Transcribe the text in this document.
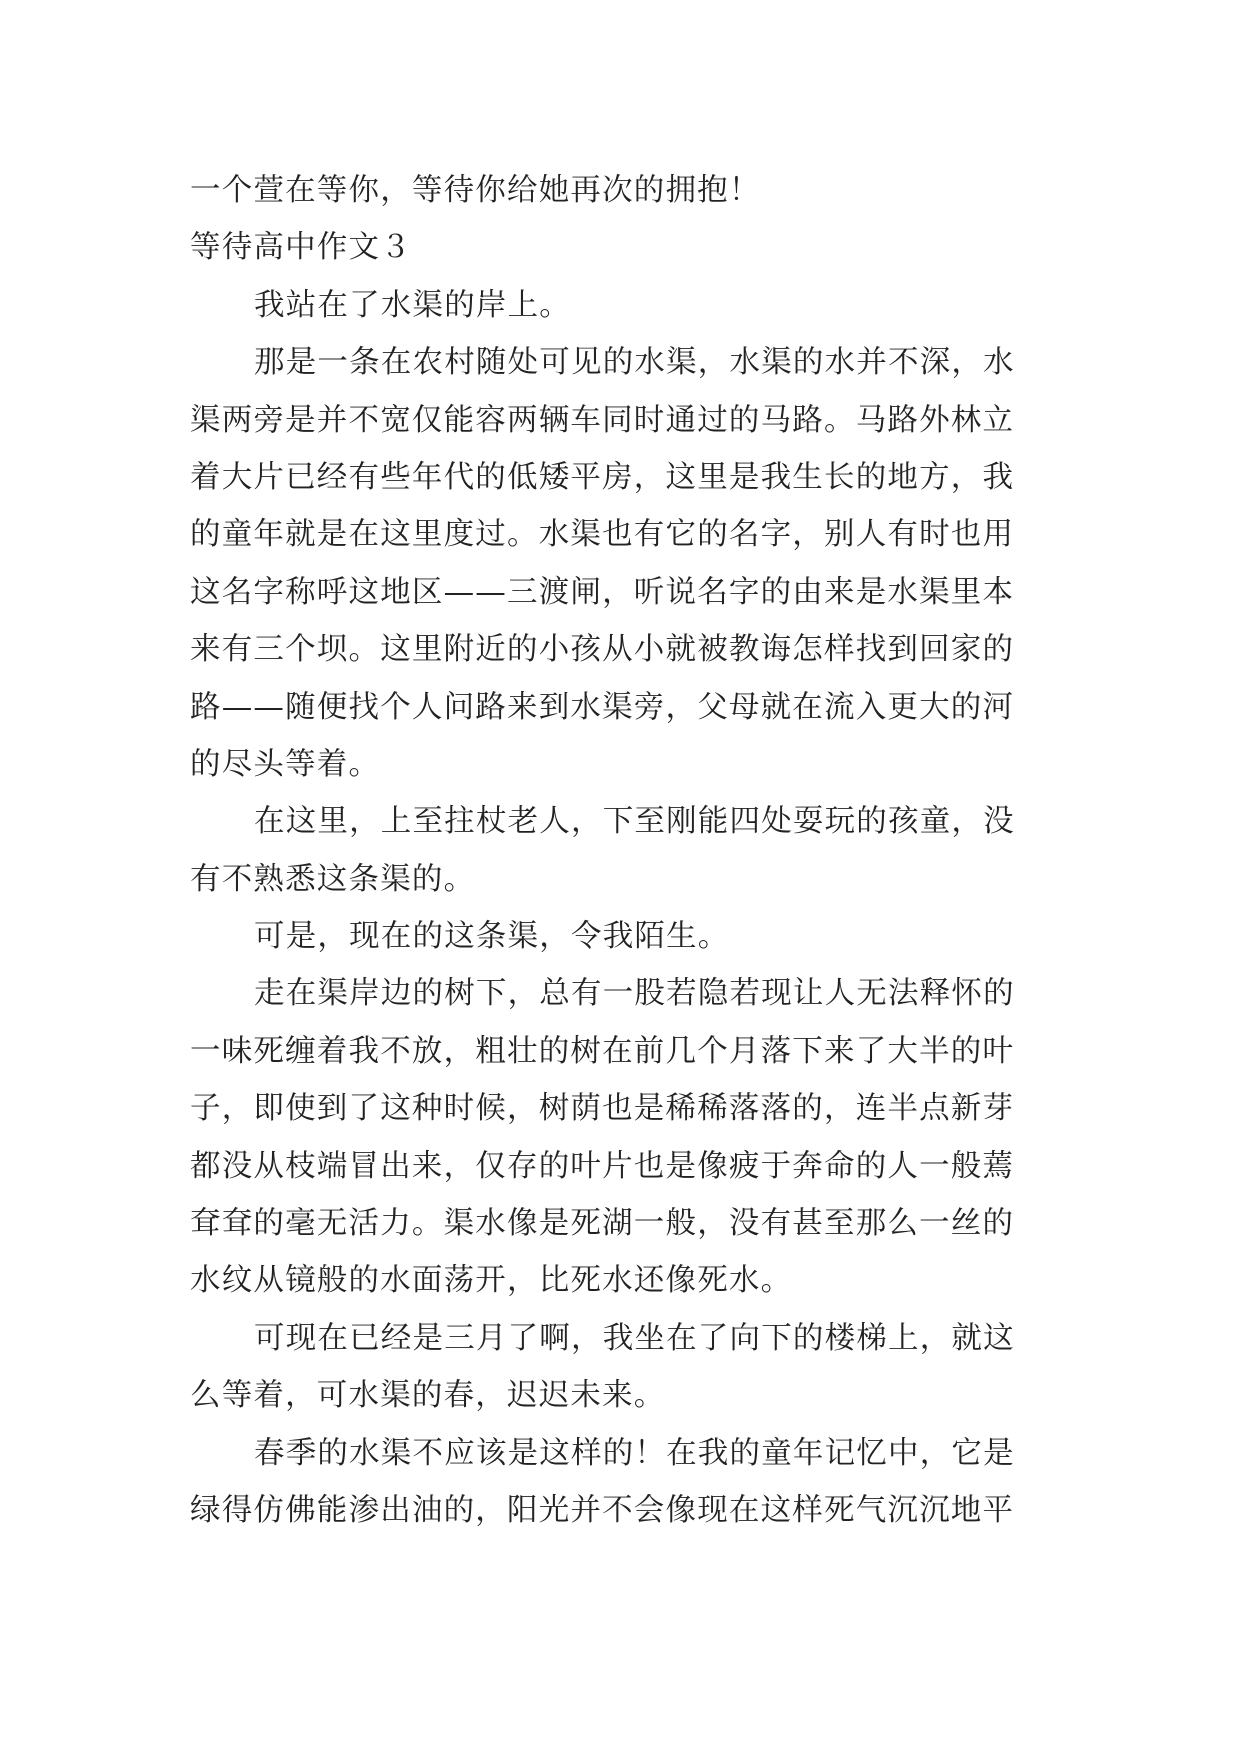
一个萱在等你，等待你给她再次的拥抱！
等待高中作文３
我站在了水渠的岸上。
那是一条在农村随处可见的水渠，水渠的水并不深，水
渠两旁是并不宽仅能容两辆车同时通过的马路。马路外林立
着大片已经有些年代的低矮平房，这里是我生长的地方，我
的童年就是在这里度过。水渠也有它的名字，别人有时也用
这名字称呼这地区——三渡闸，听说名字的由来是水渠里本
来有三个坝。这里附近的小孩从小就被教诲怎样找到回家的
路——随便找个人问路来到水渠旁，父母就在流入更大的河
的尽头等着。
在这里，上至拄杖老人，下至刚能四处耍玩的孩童，没
有不熟悉这条渠的。
可是，现在的这条渠，令我陌生。
走在渠岸边的树下，总有一股若隐若现让人无法释怀的
一味死缠着我不放，粗壮的树在前几个月落下来了大半的叶
子，即使到了这种时候，树荫也是稀稀落落的，连半点新芽
都没从枝端冒出来，仅存的叶片也是像疲于奔命的人一般蔫
耷耷的毫无活力。渠水像是死湖一般，没有甚至那么一丝的
水纹从镜般的水面荡开，比死水还像死水。
可现在已经是三月了啊，我坐在了向下的楼梯上，就这
么等着，可水渠的春，迟迟未来。
春季的水渠不应该是这样的！在我的童年记忆中，它是
绿得仿佛能渗出油的，阳光并不会像现在这样死气沉沉地平
